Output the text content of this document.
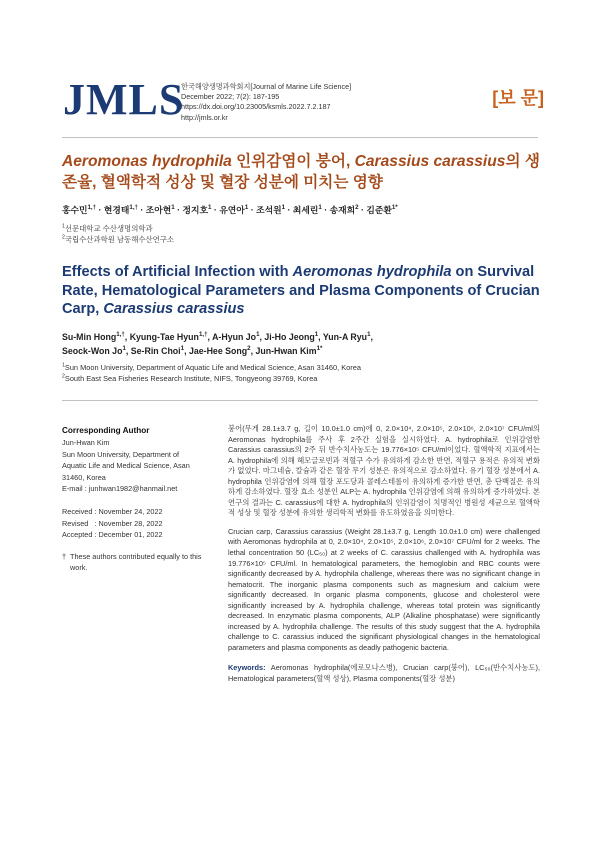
JMLS
한국해양생명과학회지[Journal of Marine Life Science]
December 2022; 7(2): 187-195
https://dx.doi.org/10.23005/ksmls.2022.7.2.187
http://jmls.or.kr
[보 문]
Aeromonas hydrophila 인위감염이 붕어, Carassius carassius의 생존율, 혈액학적 성상 및 혈장 성분에 미치는 영향
홍수민$^{1,\dagger}$ · 현경태$^{1,\dagger}$ · 조아현$^1$ · 정지호$^1$ · 유연아$^1$ · 조석원$^1$ · 최세린$^1$ · 송재희$^2$ · 김준환$^{1*}$
$^1$선문대학교 수산생명의학과
$^2$국립수산과학원 남동해수산연구소
Effects of Artificial Infection with Aeromonas hydrophila on Survival Rate, Hematological Parameters and Plasma Components of Crucian Carp, Carassius carassius
Su-Min Hong$^{1,\dagger}$, Kyung-Tae Hyun$^{1,\dagger}$, A-Hyun Jo$^1$, Ji-Ho Jeong$^1$, Yun-A Ryu$^1$,
Seock-Won Jo$^1$, Se-Rin Choi$^1$, Jae-Hee Song$^2$, Jun-Hwan Kim$^{1*}$
$^1$Sun Moon University, Department of Aquatic Life and Medical Science, Asan 31460, Korea
$^2$South East Sea Fisheries Research Institute, NIFS, Tongyeong 39769, Korea
Corresponding Author
Jun-Hwan Kim
Sun Moon University, Department of
Aquatic Life and Medical Science, Asan
31460, Korea
E-mail : junhwan1982@hanmail.net
Received : November 24, 2022
Revised   : November 28, 2022
Accepted : December 01, 2022
† These authors contributed equally to this work.

붕어(무게 28.1±3.7 g, 길이 10.0±1.0 cm)에 0, 2.0×10⁴, 2.0×10⁵, 2.0×10⁶, 2.0×10⁷ CFU/ml의 Aeromonas hydrophila를 주사 후 2주간 실험을 실시하였다. A. hydrophila로 인위감염한 Carassius carassius의 2주 뒤 반수치사농도는 19.776×10⁵ CFU/ml이었다. 혈액학적 지표에서는 A. hydrophila에 의해 헤모글로빈과 적혈구 수가 유의하게 감소한 반면, 적혈구 용적은 유의적 변화가 없었다. 마그네슘, 칼슘과 같은 혈장 무기 성분은 유의적으로 감소하였다. 유기 혈장 성분에서 A. hydrophila 인위감염에 의해 혈장 포도당과 콜레스테롤이 유의하게 증가한 반면, 총 단백질은 유의하게 감소하였다. 혈장 효소 성분인 ALP는 A. hydrophila 인위감염에 의해 유의하게 증가하였다. 본 연구의 결과는 C. carassius에 대한 A. hydrophila의 인위감염이 치명적인 병원성 세균으로 혈액학적 성상 및 혈장 성분에 유의한 생리학적 변화를 유도하였음을 의미한다.

Crucian carp, Carassius carassius (Weight 28.1±3.7 g, Length 10.0±1.0 cm) were challenged with Aeromonas hydrophila at 0, 2.0×10⁴, 2.0×10⁵, 2.0×10⁶, 2.0×10⁷ CFU/ml for 2 weeks. The lethal concentration 50 (LC₅₀) at 2 weeks of C. carassius challenged with A. hydrophila was 19.776×10⁵ CFU/ml. In hematological parameters, the hemoglobin and RBC counts were significantly decreased by A. hydrophila challenge, whereas there was no significant change in hematocrit. The inorganic plasma components such as magnesium and calcium were significantly decreased. In organic plasma components, glucose and cholesterol were significantly increased by A. hydrophila challenge, whereas total protein was significantly decreased. In enzymatic plasma components, ALP (Alkaline phosphatase) were significantly increased by A. hydrophila challenge. The results of this study suggest that the A. hydrophila challenge to C. carassius induced the significant physiological changes in the hematological parameters and plasma components as deadly pathogenic bacteria.

Keywords: Aeromonas hydrophila(에로모나스병), Crucian carp(붕어), LC₅₀(반수치사농도), Hematological parameters(혈액 성상), Plasma components(혈장 성분)
